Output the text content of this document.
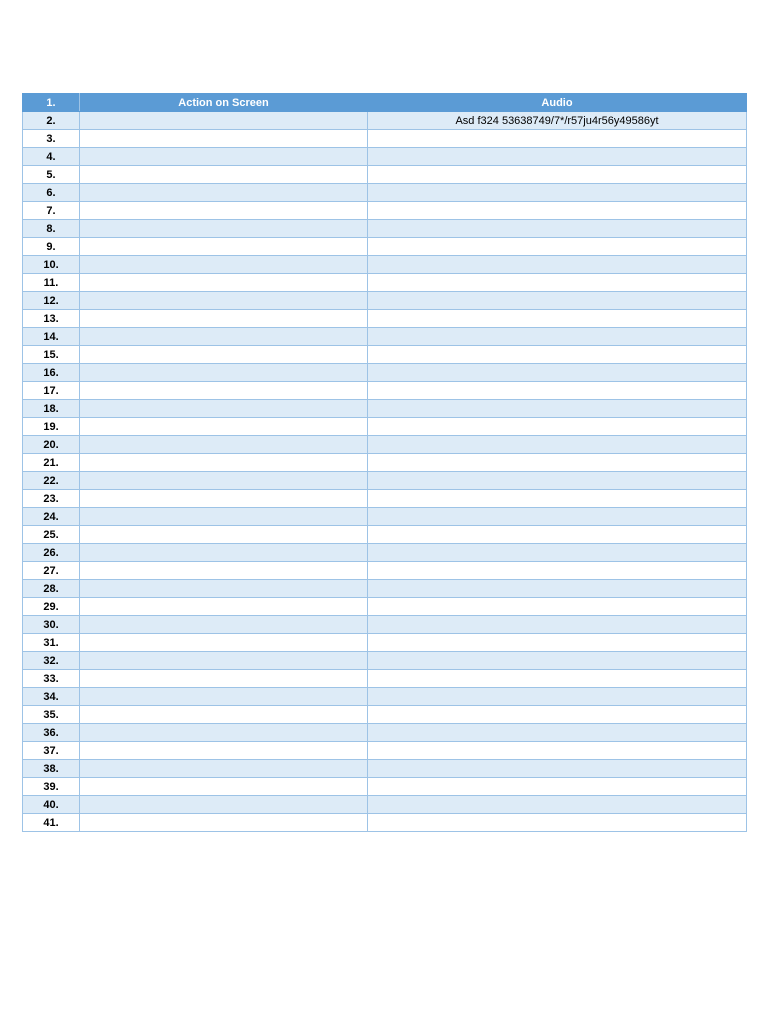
1.	Action on Screen	Audio
2.		Asd f324 53638749/7*/r57ju4r56y49586yt
3.		
4.		
5.		
6.		
7.		
8.		
9.		
10.		
11.		
12.		
13.		
14.		
15.		
16.		
17.		
18.		
19.		
20.		
21.		
22.		
23.		
24.		
25.		
26.		
27.		
28.		
29.		
30.		
31.		
32.		
33.		
34.		
35.		
36.		
37.		
38.		
39.		
40.		
41.		
